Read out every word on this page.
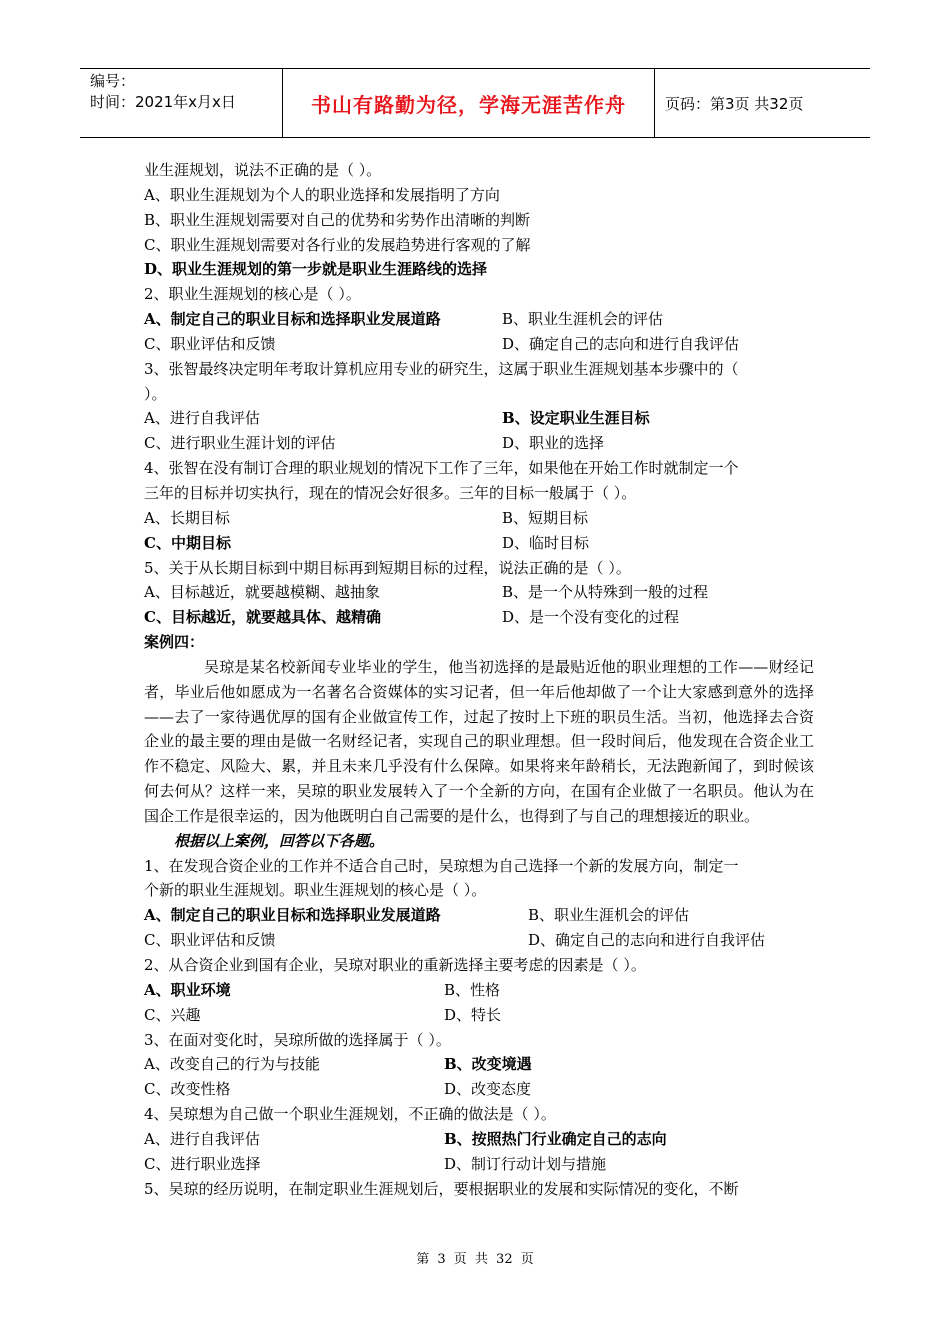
编号：
时间：2021年x月x日	书山有路勤为径，学海无涯苦作舟	页码：第3页 共32页
业生涯规划，说法不正确的是（ ）。
A、职业生涯规划为个人的职业选择和发展指明了方向
B、职业生涯规划需要对自己的优势和劣势作出清晰的判断
C、职业生涯规划需要对各行业的发展趋势进行客观的了解
D、职业生涯规划的第一步就是职业生涯路线的选择
2、职业生涯规划的核心是（ ）。
A、制定自己的职业目标和选择职业发展道路	B、职业生涯机会的评估
C、职业评估和反馈	D、确定自己的志向和进行自我评估
3、张智最终决定明年考取计算机应用专业的研究生，这属于职业生涯规划基本步骤中的（
）。
A、进行自我评估	B、设定职业生涯目标
C、进行职业生涯计划的评估	D、职业的选择
4、张智在没有制订合理的职业规划的情况下工作了三年，如果他在开始工作时就制定一个
三年的目标并切实执行，现在的情况会好很多。三年的目标一般属于（ ）。
A、长期目标	B、短期目标
C、中期目标	D、临时目标
5、关于从长期目标到中期目标再到短期目标的过程，说法正确的是（ ）。
A、目标越近，就要越模糊、越抽象	B、是一个从特殊到一般的过程
C、目标越近，就要越具体、越精确	D、是一个没有变化的过程
案例四：
吴琼是某名校新闻专业毕业的学生，他当初选择的是最贴近他的职业理想的工作——财经记者，毕业后他如愿成为一名著名合资媒体的实习记者，但一年后他却做了一个让大家感到意外的选择——去了一家待遇优厚的国有企业做宣传工作，过起了按时上下班的职员生活。当初，他选择去合资企业的最主要的理由是做一名财经记者，实现自己的职业理想。但一段时间后，他发现在合资企业工作不稳定、风险大、累，并且未来几乎没有什么保障。如果将来年龄稍长，无法跑新闻了，到时候该何去何从？这样一来，吴琼的职业发展转入了一个全新的方向，在国有企业做了一名职员。他认为在国企工作是很幸运的，因为他既明白自己需要的是什么，也得到了与自己的理想接近的职业。
根据以上案例，回答以下各题。
1、在发现合资企业的工作并不适合自己时，吴琼想为自己选择一个新的发展方向，制定一
个新的职业生涯规划。职业生涯规划的核心是（ ）。
A、制定自己的职业目标和选择职业发展道路	B、职业生涯机会的评估
C、职业评估和反馈	D、确定自己的志向和进行自我评估
2、从合资企业到国有企业，吴琼对职业的重新选择主要考虑的因素是（ ）。
A、职业环境	B、性格
C、兴趣	D、特长
3、在面对变化时，吴琼所做的选择属于（ ）。
A、改变自己的行为与技能	B、改变境遇
C、改变性格	D、改变态度
4、吴琼想为自己做一个职业生涯规划，不正确的做法是（ ）。
A、进行自我评估	B、按照热门行业确定自己的志向
C、进行职业选择	D、制订行动计划与措施
5、吴琼的经历说明，在制定职业生涯规划后，要根据职业的发展和实际情况的变化，不断
第 3 页 共 32 页
